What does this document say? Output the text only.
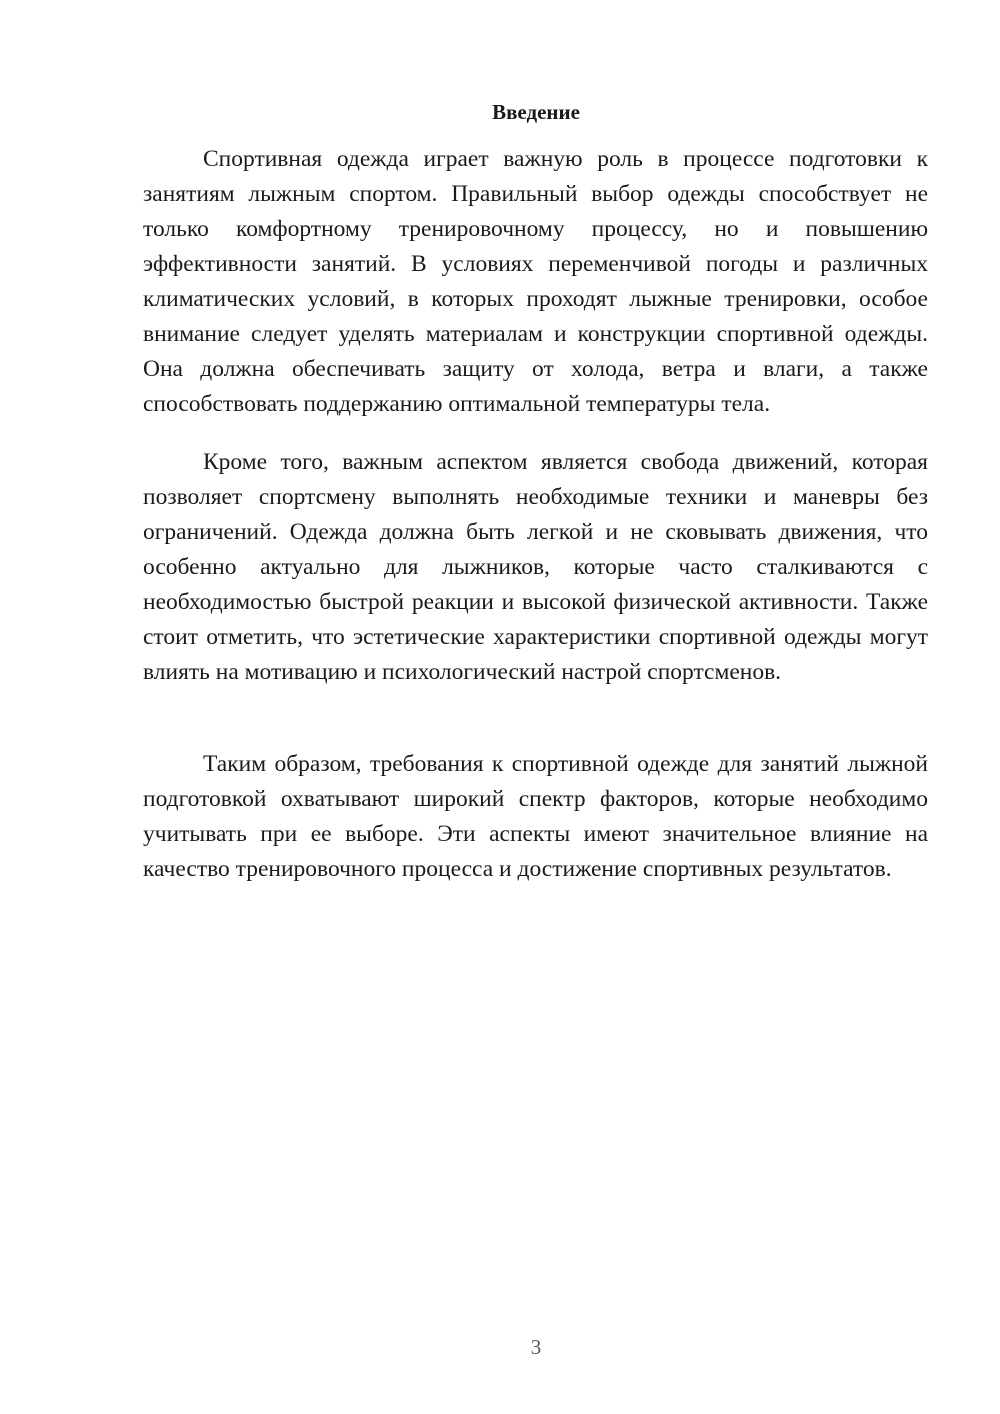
Введение

Спортивная одежда играет важную роль в процессе подготовки к занятиям лыжным спортом. Правильный выбор одежды способствует не только комфортному тренировочному процессу, но и повышению эффективности занятий. В условиях переменчивой погоды и различных климатических условий, в которых проходят лыжные тренировки, особое внимание следует уделять материалам и конструкции спортивной одежды. Она должна обеспечивать защиту от холода, ветра и влаги, а также способствовать поддержанию оптимальной температуры тела.

Кроме того, важным аспектом является свобода движений, которая позволяет спортсмену выполнять необходимые техники и маневры без ограничений. Одежда должна быть легкой и не сковывать движения, что особенно актуально для лыжников, которые часто сталкиваются с необходимостью быстрой реакции и высокой физической активности. Также стоит отметить, что эстетические характеристики спортивной одежды могут влиять на мотивацию и психологический настрой спортсменов.

Таким образом, требования к спортивной одежде для занятий лыжной подготовкой охватывают широкий спектр факторов, которые необходимо учитывать при ее выборе. Эти аспекты имеют значительное влияние на качество тренировочного процесса и достижение спортивных результатов.

3
